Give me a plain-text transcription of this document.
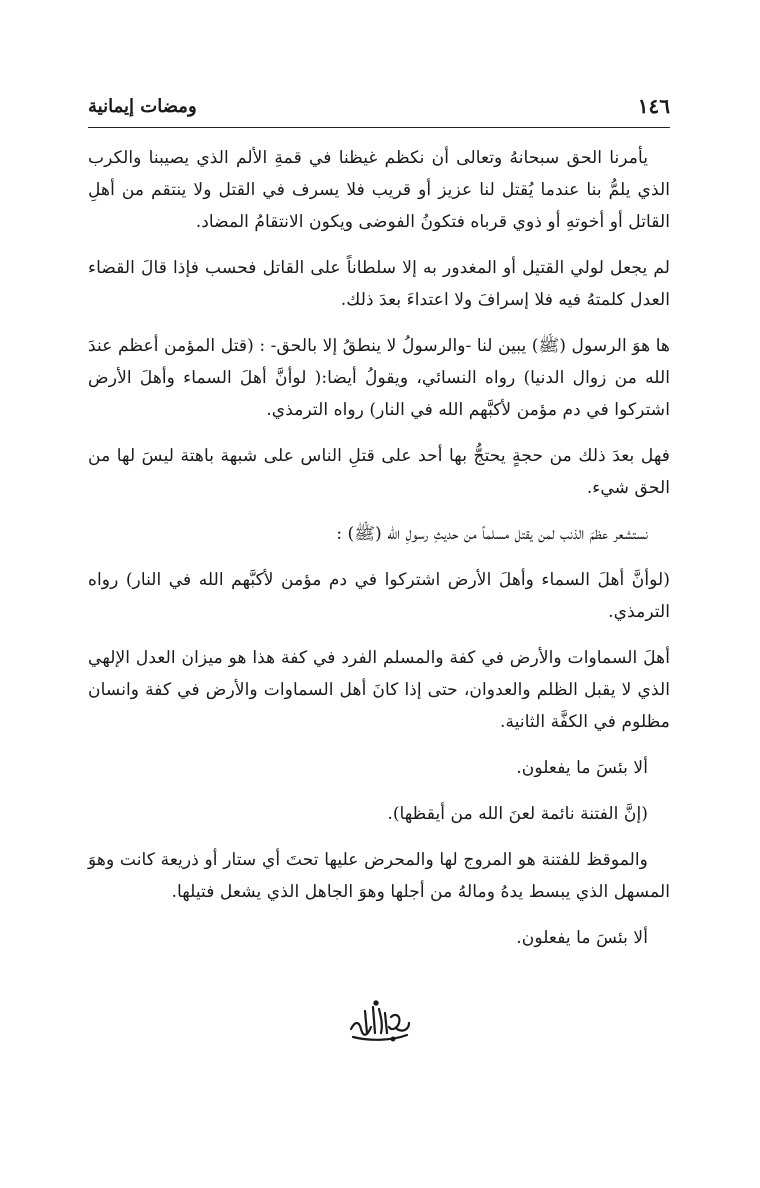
١٤٦
ومضات إيمانية

يأمرنا الحق سبحانهُ وتعالى أن نكظم غيظنا في قمةِ الألم الذي يصيبنا والكرب الذي يلمُّ بنا عندما يُقتل لنا عزيز أو قريب فلا يسرف في القتل ولا ينتقم من أهلِ القاتل أو أخوتهِ أو ذوي قرباه فتكونُ الفوضى ويكون الانتقامُ المضاد.

لم يجعل لولي القتيل أو المغدور به إلا سلطاناً على القاتل فحسب فإذا قالَ القضاء العدل كلمتهُ فيه فلا إسرافَ ولا اعتداءَ بعدَ ذلك.

ها هوَ الرسول (ﷺ) يبين لنا -والرسولُ لا ينطقُ إلا بالحق- : (قتل المؤمن أعظم عندَ الله من زوال الدنيا) رواه النسائي، ويقولُ أيضا:( لوأنَّ أهلَ السماء وأهلَ الأرض اشتركوا في دم مؤمن لأكبَّهم الله في النار) رواه الترمذي.

فهل بعدَ ذلك من حجةٍ يحتجُّ بها أحد على قتلِ الناس على شبهة باهتة ليسَ لها من الحق شيء.

نستشعر عظمَ الذنب لمن يقتل مسلماً من حديثِ رسولِ الله (ﷺ) :

(لوأنَّ أهلَ السماء وأهلَ الأرض اشتركوا في دم مؤمن لأكبَّهم الله في النار) رواه الترمذي.

أهلَ السماوات والأرض في كفة والمسلم الفرد في كفة هذا هو ميزان العدل الإلهي الذي لا يقبل الظلم والعدوان، حتى إذا كانَ أهل السماوات والأرض في كفة وانسان مظلوم في الكفَّة الثانية.

ألا بئسَ ما يفعلون.

(إنَّ الفتنة نائمة لعنَ الله من أيقظها).

والموقظ للفتنة هو المروج لها والمحرض عليها تحتَ أي ستار أو ذريعة كانت وهوَ المسهل الذي يبسط يدهُ ومالهُ من أجلها وهوَ الجاهل الذي يشعل فتيلها.

ألا بئسَ ما يفعلون.
